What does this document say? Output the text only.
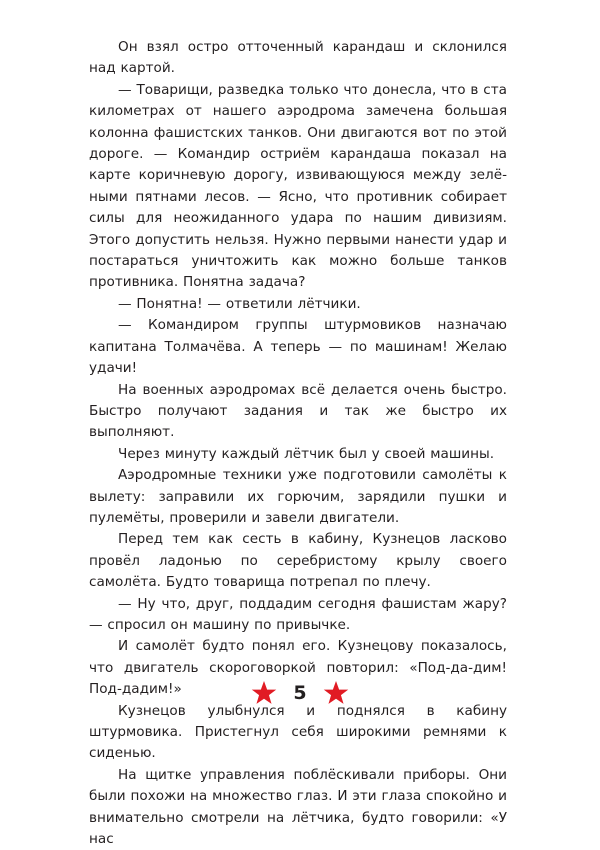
Он взял остро отточенный карандаш и склонился над картой.

— Товарищи, разведка только что донесла, что в ста километрах от нашего аэродрома замечена большая колонна фашистских танков. Они двигаются вот по этой дороге. — Командир остриём карандаша показал на карте коричневую дорогу, извивающуюся между зелёными пятнами лесов. — Ясно, что противник собирает силы для неожиданного удара по нашим дивизиям. Этого допустить нельзя. Нужно первыми нанести удар и постараться уничтожить как можно больше танков противника. Понятна задача?

— Понятна! — ответили лётчики.

— Командиром группы штурмовиков назначаю капитана Толмачёва. А теперь — по машинам! Желаю удачи!

На военных аэродромах всё делается очень быстро. Быстро получают задания и так же быстро их выполняют.

Через минуту каждый лётчик был у своей машины.

Аэродромные техники уже подготовили самолёты к вылету: заправили их горючим, зарядили пушки и пулемёты, проверили и завели двигатели.

Перед тем как сесть в кабину, Кузнецов ласково провёл ладонью по серебристому крылу своего самолёта. Будто товарища потрепал по плечу.

— Ну что, друг, поддадим сегодня фашистам жару? — спросил он машину по привычке.

И самолёт будто понял его. Кузнецову показалось, что двигатель скороговоркой повторил: «Под-да-дим! Под-дадим!»

Кузнецов улыбнулся и поднялся в кабину штурмовика. Пристегнул себя широкими ремнями к сиденью.

На щитке управления поблёскивали приборы. Они были похожи на множество глаз. И эти глаза спокойно и внимательно смотрели на лётчика, будто говорили: «У нас

5
